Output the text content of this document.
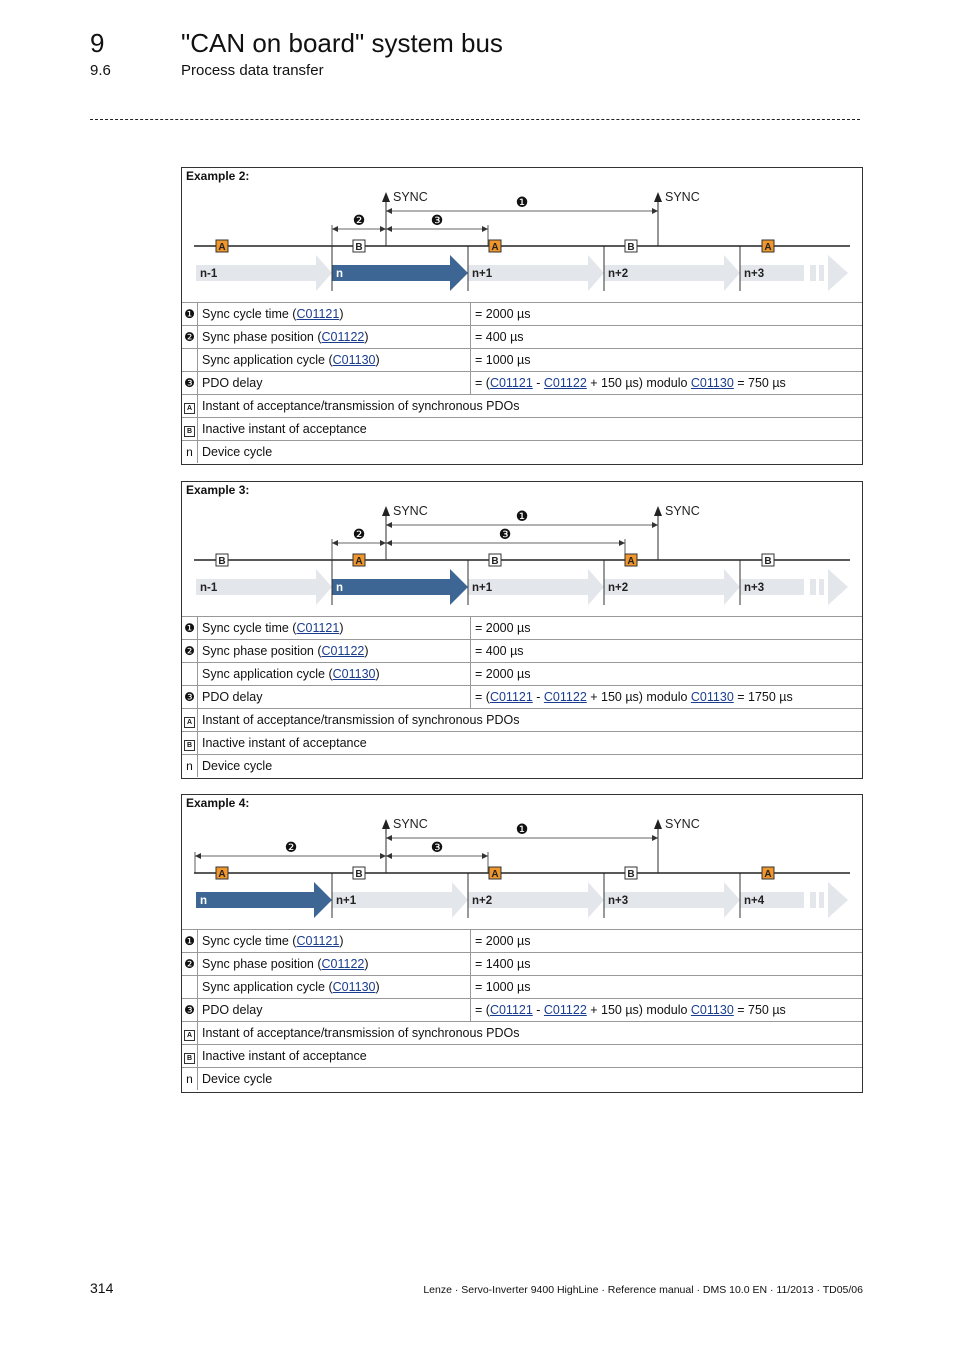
9	"CAN on board" system bus
9.6	Process data transfer
n-1	n	n+1	n+2	n+3
A	B	A	B	A
SYNC	SYNC
❶
❷	❸
Example 2:
❶	Sync cycle time (C01121)	= 2000 µs
❷	Sync phase position (C01122)	= 400 µs
	Sync application cycle (C01130)	= 1000 µs
❸	PDO delay	= (C01121 - C01122 + 150 µs) modulo C01130 = 750 µs
A	Instant of acceptance/transmission of synchronous PDOs	
B	Inactive instant of acceptance	
n	Device cycle	
n-1	n	n+1	n+2	n+3
B	A	B	A	B
SYNC	SYNC
❶
❷	❸
Example 3:
❶	Sync cycle time (C01121)	= 2000 µs
❷	Sync phase position (C01122)	= 400 µs
	Sync application cycle (C01130)	= 2000 µs
❸	PDO delay	= (C01121 - C01122 + 150 µs) modulo C01130 = 1750 µs
A	Instant of acceptance/transmission of synchronous PDOs	
B	Inactive instant of acceptance	
n	Device cycle	
n	n+1	n+2	n+3	n+4
A	B	A	B	A
SYNC	SYNC
❶
❷	❸
Example 4:
❶	Sync cycle time (C01121)	= 2000 µs
❷	Sync phase position (C01122)	= 1400 µs
	Sync application cycle (C01130)	= 1000 µs
❸	PDO delay	= (C01121 - C01122 + 150 µs) modulo C01130 = 750 µs
A	Instant of acceptance/transmission of synchronous PDOs	
B	Inactive instant of acceptance	
n	Device cycle	
314	Lenze · Servo-Inverter 9400 HighLine · Reference manual · DMS 10.0 EN · 11/2013 · TD05/06
